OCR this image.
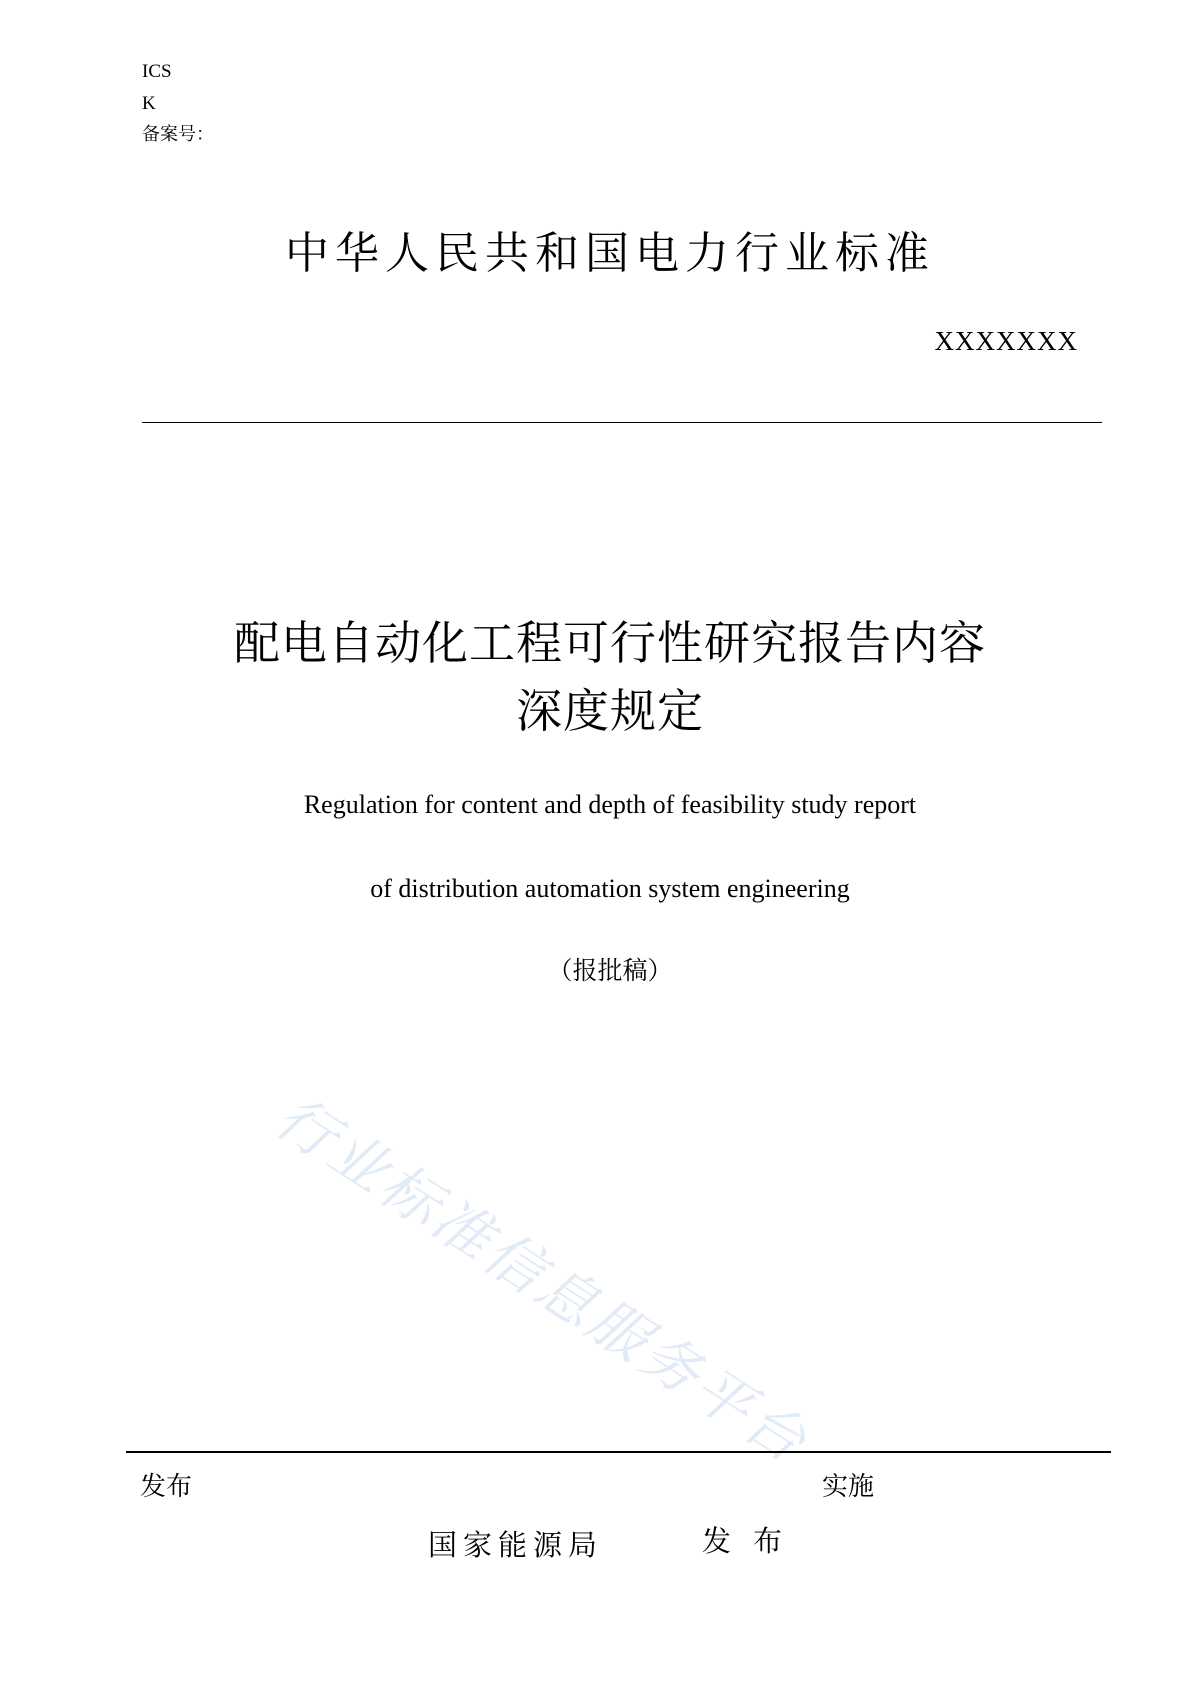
ICS
K
备案号：
中华人民共和国电力行业标准
XXXXXXX
配电自动化工程可行性研究报告内容
深度规定
Regulation for content and depth of feasibility study report
of distribution automation system engineering
（报批稿）
行业标准信息服务平台
发布	实施
国家能源局	发布
